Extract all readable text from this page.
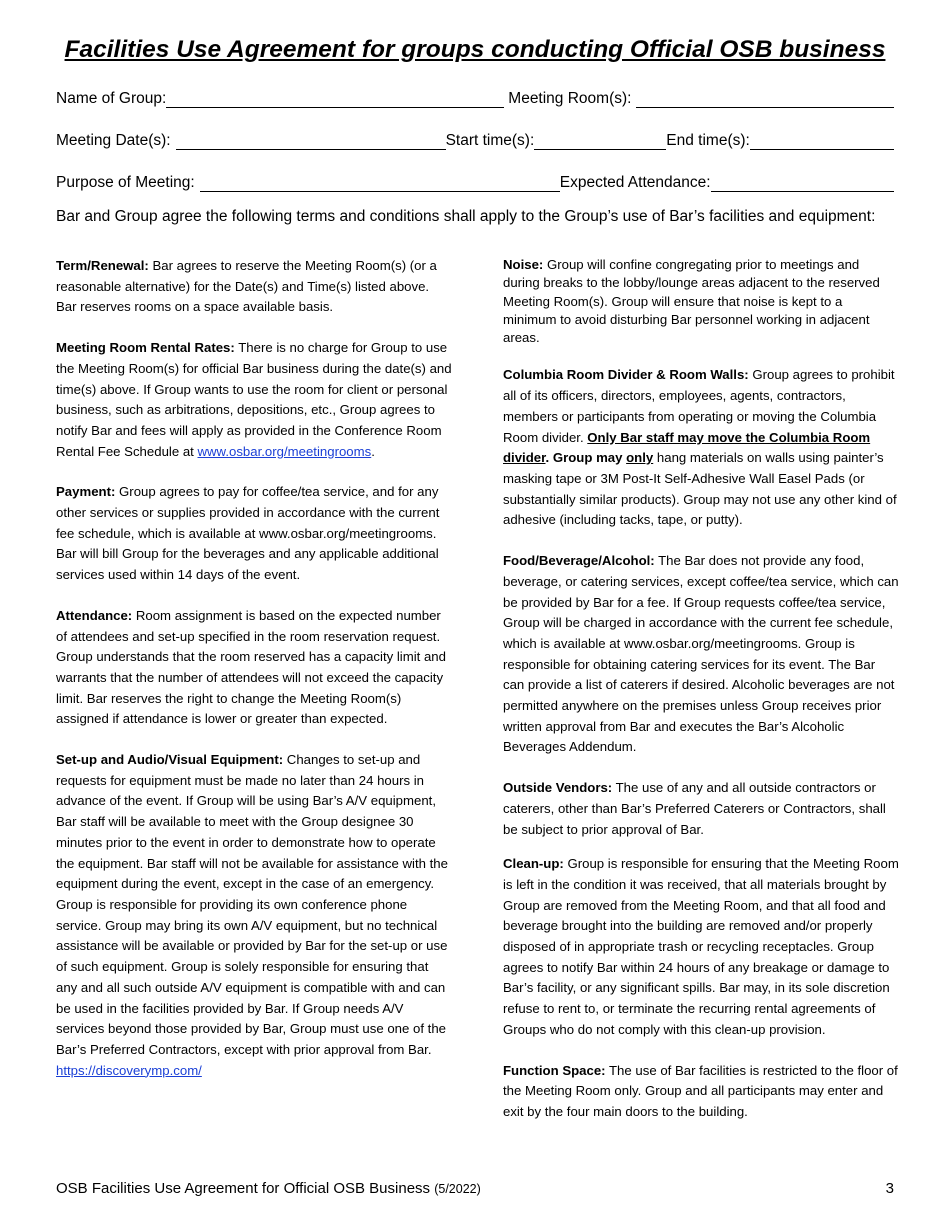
Facilities Use Agreement for groups conducting Official OSB business
Name of Group:	Meeting Room(s):
Meeting Date(s):	Start time(s):	End time(s):
Purpose of Meeting:	Expected Attendance:
Bar and Group agree the following terms and conditions shall apply to the Group’s use of Bar’s facilities and equipment:

Term/Renewal: Bar agrees to reserve the Meeting Room(s) (or a reasonable alternative) for the Date(s) and Time(s) listed above. Bar reserves rooms on a space available basis.

Meeting Room Rental Rates: There is no charge for Group to use the Meeting Room(s) for official Bar business during the date(s) and time(s) above. If Group wants to use the room for client or personal business, such as arbitrations, depositions, etc., Group agrees to notify Bar and fees will apply as provided in the Conference Room Rental Fee Schedule at www.osbar.org/meetingrooms.

Payment: Group agrees to pay for coffee/tea service, and for any other services or supplies provided in accordance with the current fee schedule, which is available at www.osbar.org/meetingrooms. Bar will bill Group for the beverages and any applicable additional services used within 14 days of the event.

Attendance: Room assignment is based on the expected number of attendees and set-up specified in the room reservation request. Group understands that the room reserved has a capacity limit and warrants that the number of attendees will not exceed the capacity limit. Bar reserves the right to change the Meeting Room(s) assigned if attendance is lower or greater than expected.

Set-up and Audio/Visual Equipment: Changes to set-up and requests for equipment must be made no later than 24 hours in advance of the event. If Group will be using Bar’s A/V equipment, Bar staff will be available to meet with the Group designee 30 minutes prior to the event in order to demonstrate how to operate the equipment. Bar staff will not be available for assistance with the equipment during the event, except in the case of an emergency. Group is responsible for providing its own conference phone service. Group may bring its own A/V equipment, but no technical assistance will be available or provided by Bar for the set-up or use of such equipment. Group is solely responsible for ensuring that any and all such outside A/V equipment is compatible with and can be used in the facilities provided by Bar. If Group needs A/V services beyond those provided by Bar, Group must use one of the Bar’s Preferred Contractors, except with prior approval from Bar. https://discoverymp.com/

Noise: Group will confine congregating prior to meetings and during breaks to the lobby/lounge areas adjacent to the reserved Meeting Room(s). Group will ensure that noise is kept to a minimum to avoid disturbing Bar personnel working in adjacent areas.

Columbia Room Divider & Room Walls: Group agrees to prohibit all of its officers, directors, employees, agents, contractors, members or participants from operating or moving the Columbia Room divider. Only Bar staff may move the Columbia Room divider. Group may only hang materials on walls using painter’s masking tape or 3M Post-It Self-Adhesive Wall Easel Pads (or substantially similar products). Group may not use any other kind of adhesive (including tacks, tape, or putty).

Food/Beverage/Alcohol: The Bar does not provide any food, beverage, or catering services, except coffee/tea service, which can be provided by Bar for a fee. If Group requests coffee/tea service, Group will be charged in accordance with the current fee schedule, which is available at www.osbar.org/meetingrooms. Group is responsible for obtaining catering services for its event. The Bar can provide a list of caterers if desired. Alcoholic beverages are not permitted anywhere on the premises unless Group receives prior written approval from Bar and executes the Bar’s Alcoholic Beverages Addendum.

Outside Vendors: The use of any and all outside contractors or caterers, other than Bar’s Preferred Caterers or Contractors, shall be subject to prior approval of Bar.

Clean-up: Group is responsible for ensuring that the Meeting Room is left in the condition it was received, that all materials brought by Group are removed from the Meeting Room, and that all food and beverage brought into the building are removed and/or properly disposed of in appropriate trash or recycling receptacles. Group agrees to notify Bar within 24 hours of any breakage or damage to Bar’s facility, or any significant spills. Bar may, in its sole discretion refuse to rent to, or terminate the recurring rental agreements of Groups who do not comply with this clean-up provision.

Function Space: The use of Bar facilities is restricted to the floor of the Meeting Room only. Group and all participants may enter and exit by the four main doors to the building.

OSB Facilities Use Agreement for Official OSB Business (5/2022)	3
